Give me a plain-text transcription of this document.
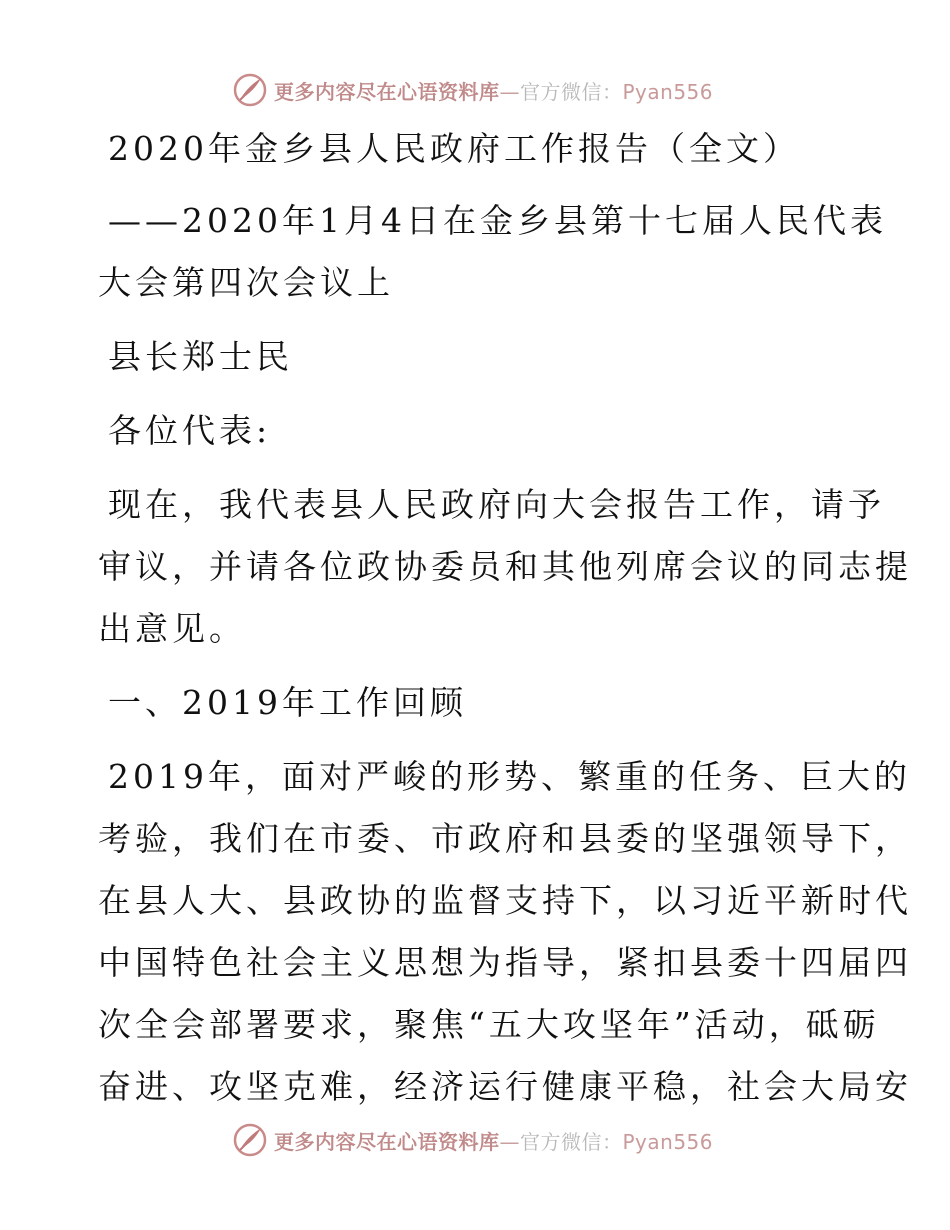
更多内容尽在心语资料库—官方微信：Pyan556

2020年金乡县人民政府工作报告（全文）

——2020年1月4日在金乡县第十七届人民代表
大会第四次会议上

县长郑士民

各位代表:

现在，我代表县人民政府向大会报告工作，请予
审议，并请各位政协委员和其他列席会议的同志提
出意见。

一、2019年工作回顾

2019年，面对严峻的形势、繁重的任务、巨大的
考验，我们在市委、市政府和县委的坚强领导下，
在县人大、县政协的监督支持下，以习近平新时代
中国特色社会主义思想为指导，紧扣县委十四届四
次全会部署要求，聚焦“五大攻坚年”活动，砥砺
奋进、攻坚克难，经济运行健康平稳，社会大局安

更多内容尽在心语资料库—官方微信：Pyan556
